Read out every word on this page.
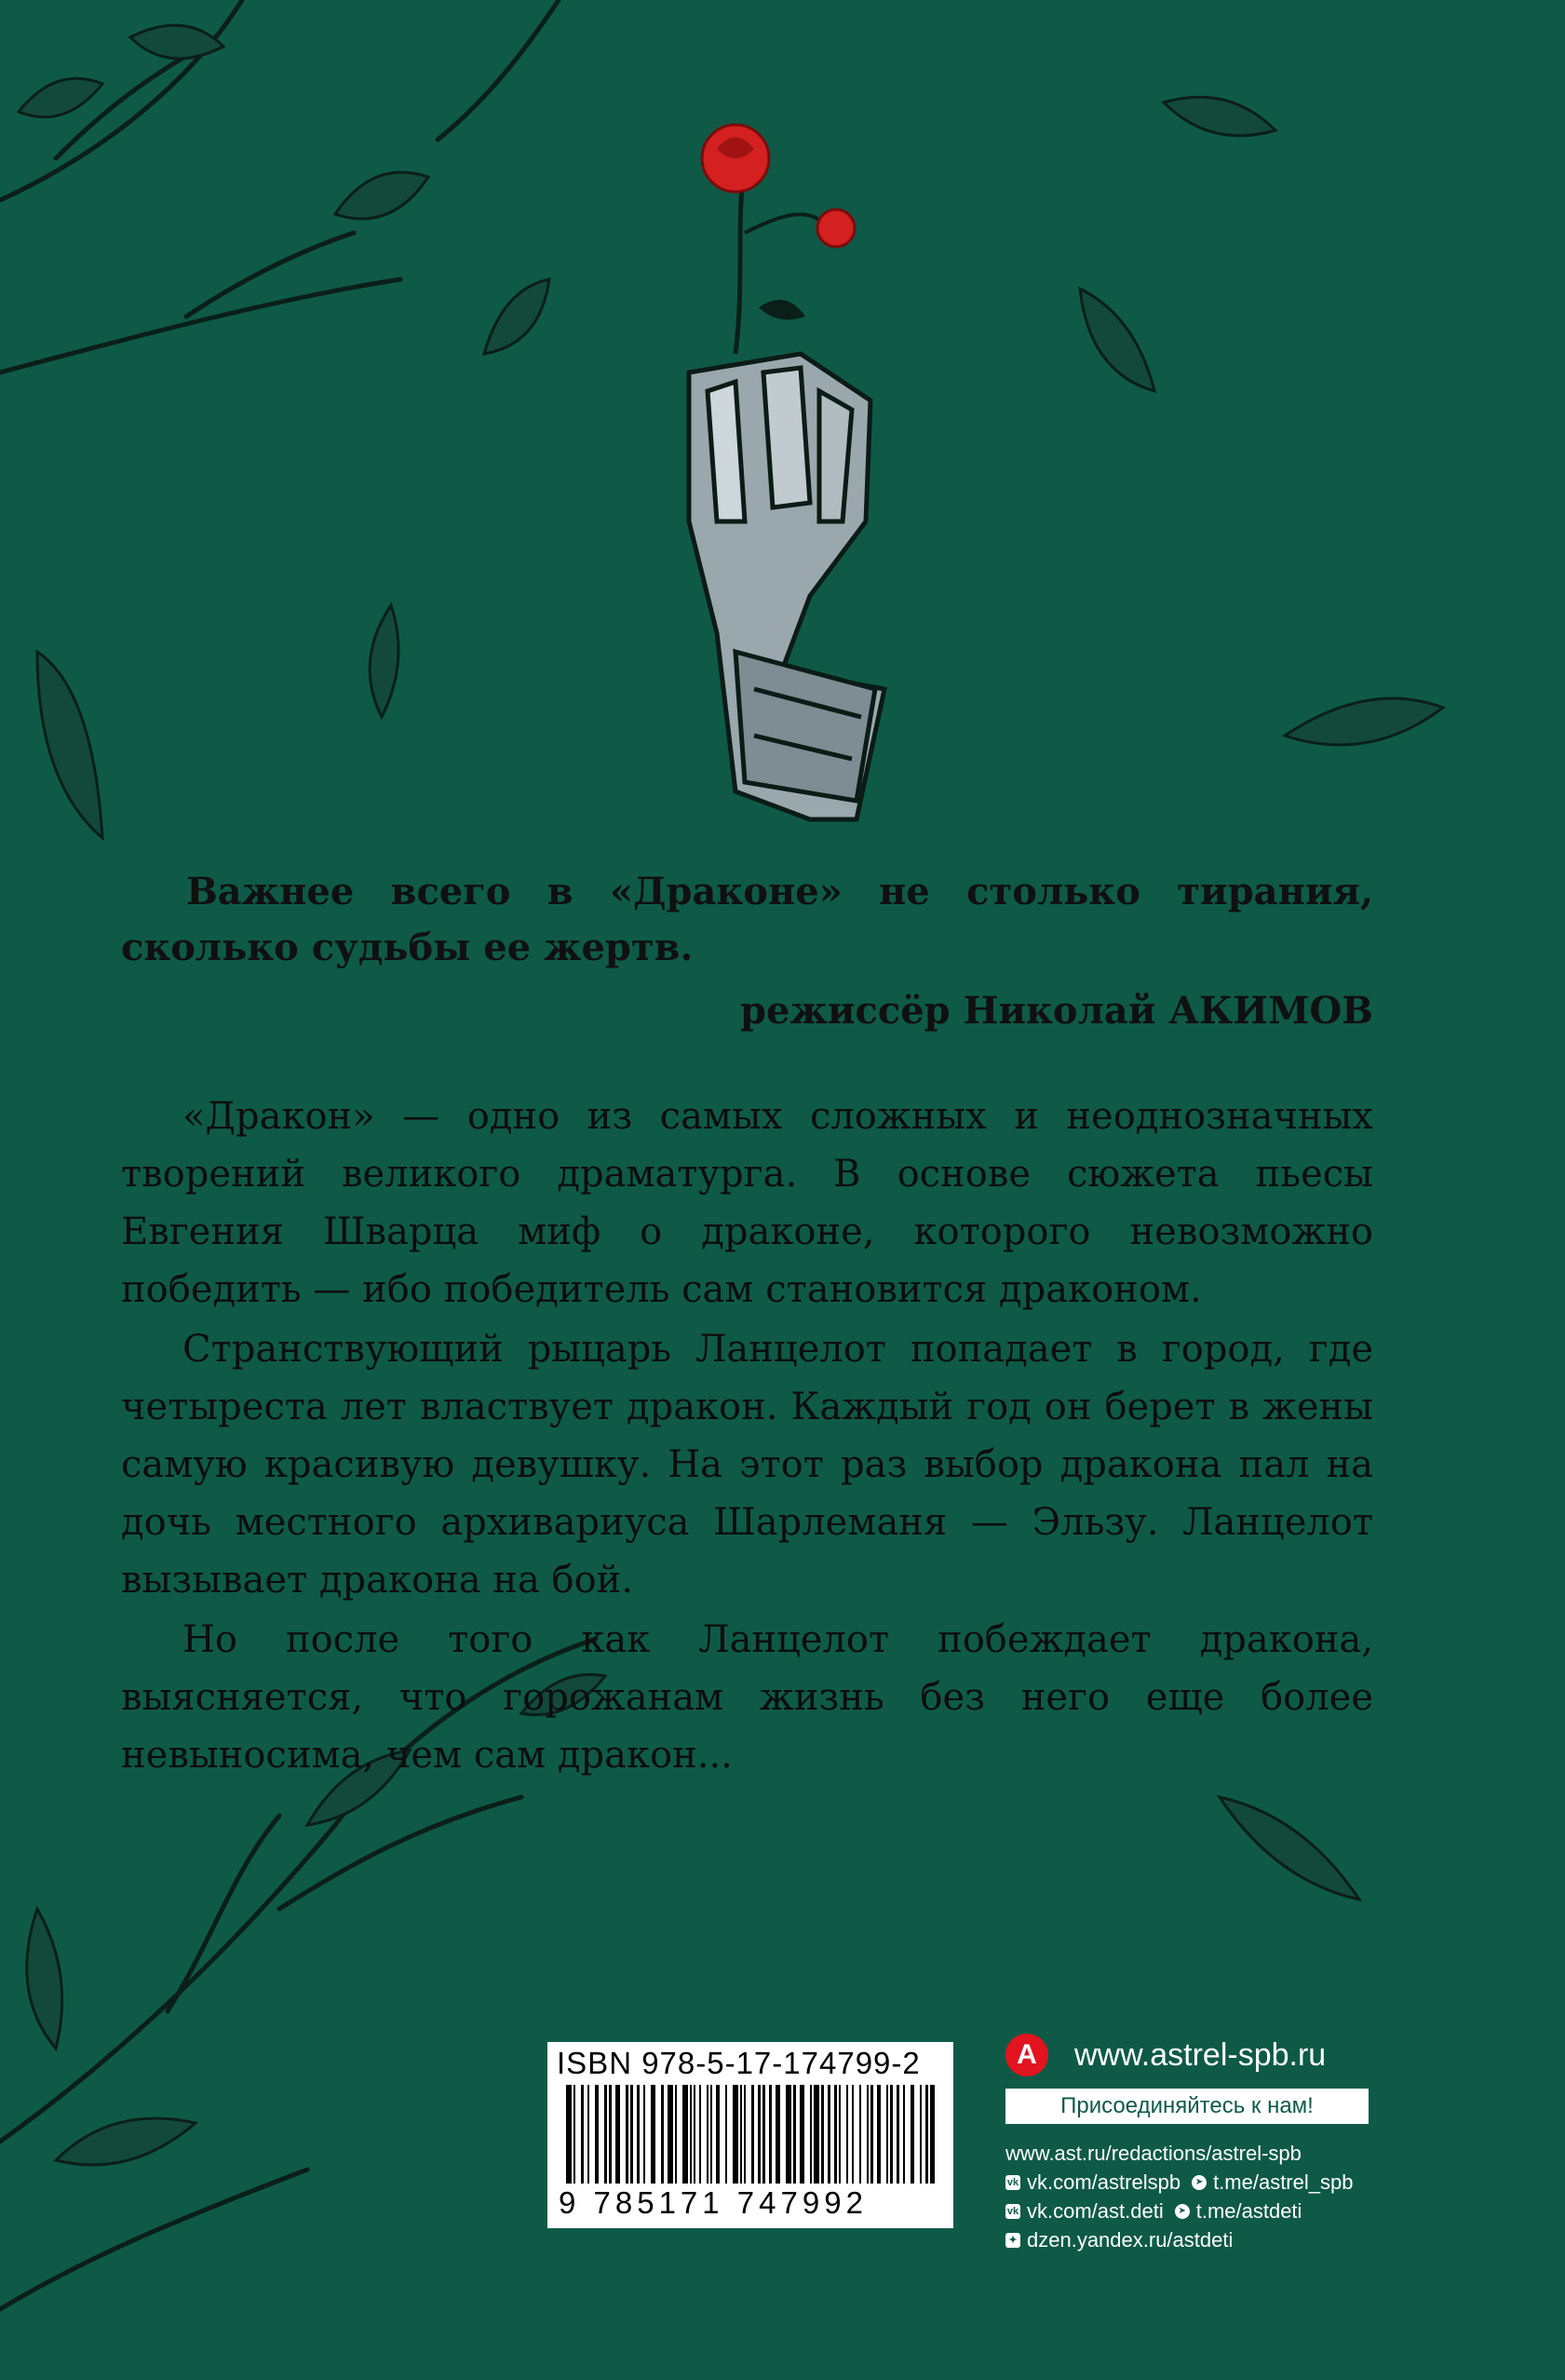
Важнее всего в «Драконе» не столько тирания, сколько судьбы ее жертв.
режиссёр Николай АКИМОВ

«Дракон» — одно из самых сложных и неоднозначных творений великого драматурга. В основе сюжета пьесы Евгения Шварца миф о драконе, которого невозможно победить — ибо победитель сам становится драконом.

Странствующий рыцарь Ланцелот попадает в город, где четыреста лет властвует дракон. Каждый год он берет в жены самую красивую девушку. На этот раз выбор дракона пал на дочь местного архивариуса Шарлеманя — Эльзу. Ланцелот вызывает дракона на бой.

Но после того как Ланцелот побеждает дракона, выясняется, что горожанам жизнь без него еще более невыносима, чем сам дракон...

ISBN 978-5-17-174799-2
9 785171 747992
А	www.astrel-spb.ru
Присоединяйтесь к нам!
www.ast.ru/redactions/astrel-spb
vk vk.com/astrelspb	➤ t.me/astrel_spb
vk vk.com/ast.deti	➤ t.me/astdeti
✦ dzen.yandex.ru/astdeti
